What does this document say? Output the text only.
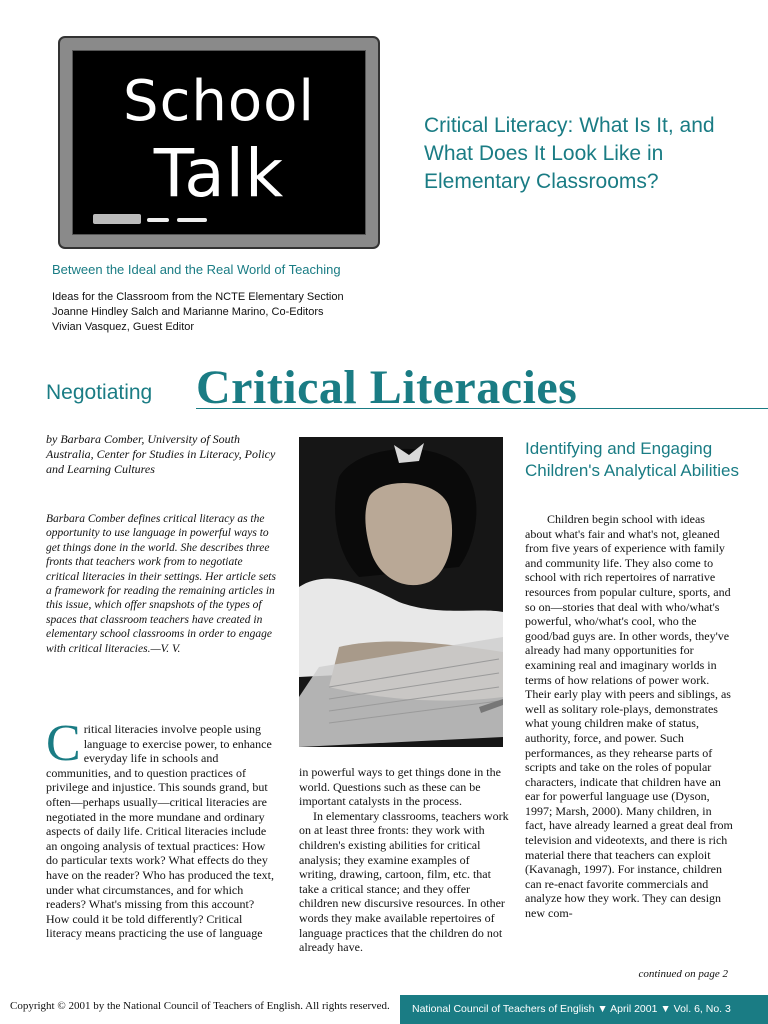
School
Talk
Critical Literacy: What Is It, and What Does It Look Like in Elementary Classrooms?
Between the Ideal and the Real World of Teaching
Ideas for the Classroom from the NCTE Elementary Section
Joanne Hindley Salch and Marianne Marino, Co-Editors
Vivian Vasquez, Guest Editor
Negotiating Critical Literacies
by Barbara Comber, University of South Australia, Center for Studies in Literacy, Policy and Learning Cultures
Barbara Comber defines critical literacy as the opportunity to use language in powerful ways to get things done in the world. She describes three fronts that teachers work from to negotiate critical literacies in their settings. Her article sets a framework for reading the remaining articles in this issue, which offer snapshots of the types of spaces that classroom teachers have created in elementary school classrooms in order to engage with critical literacies.—V. V.
Critical literacies involve people using language to exercise power, to enhance everyday life in schools and communities, and to question practices of privilege and injustice. This sounds grand, but often—perhaps usually—critical literacies are negotiated in the more mundane and ordinary aspects of daily life. Critical literacies include an ongoing analysis of textual practices: How do particular texts work? What effects do they have on the reader? Who has produced the text, under what circumstances, and for which readers? What's missing from this account? How could it be told differently? Critical literacy means practicing the use of language
in powerful ways to get things done in the world. Questions such as these can be important catalysts in the process.
In elementary classrooms, teachers work on at least three fronts: they work with children's existing abilities for critical analysis; they examine examples of writing, drawing, cartoon, film, etc. that take a critical stance; and they offer children new discursive resources. In other words they make available repertoires of language practices that the children do not already have.
Identifying and Engaging Children's Analytical Abilities
Children begin school with ideas about what's fair and what's not, gleaned from five years of experience with family and community life. They also come to school with rich repertoires of narrative resources from popular culture, sports, and so on—stories that deal with who/what's powerful, who/what's cool, who the good/bad guys are. In other words, they've already had many opportunities for examining real and imaginary worlds in terms of how relations of power work. Their early play with peers and siblings, as well as solitary role-plays, demonstrates what young children make of status, authority, force, and power. Such performances, as they rehearse parts of scripts and take on the roles of popular characters, indicate that children have an ear for powerful language use (Dyson, 1997; Marsh, 2000). Many children, in fact, have already learned a great deal from television and videotexts, and there is rich material there that teachers can exploit (Kavanagh, 1997). For instance, children can re-enact favorite commercials and analyze how they work. They can design new com-
continued on page 2
Copyright © 2001 by the National Council of Teachers of English. All rights reserved.	National Council of Teachers of English ▼ April 2001 ▼ Vol. 6, No. 3
